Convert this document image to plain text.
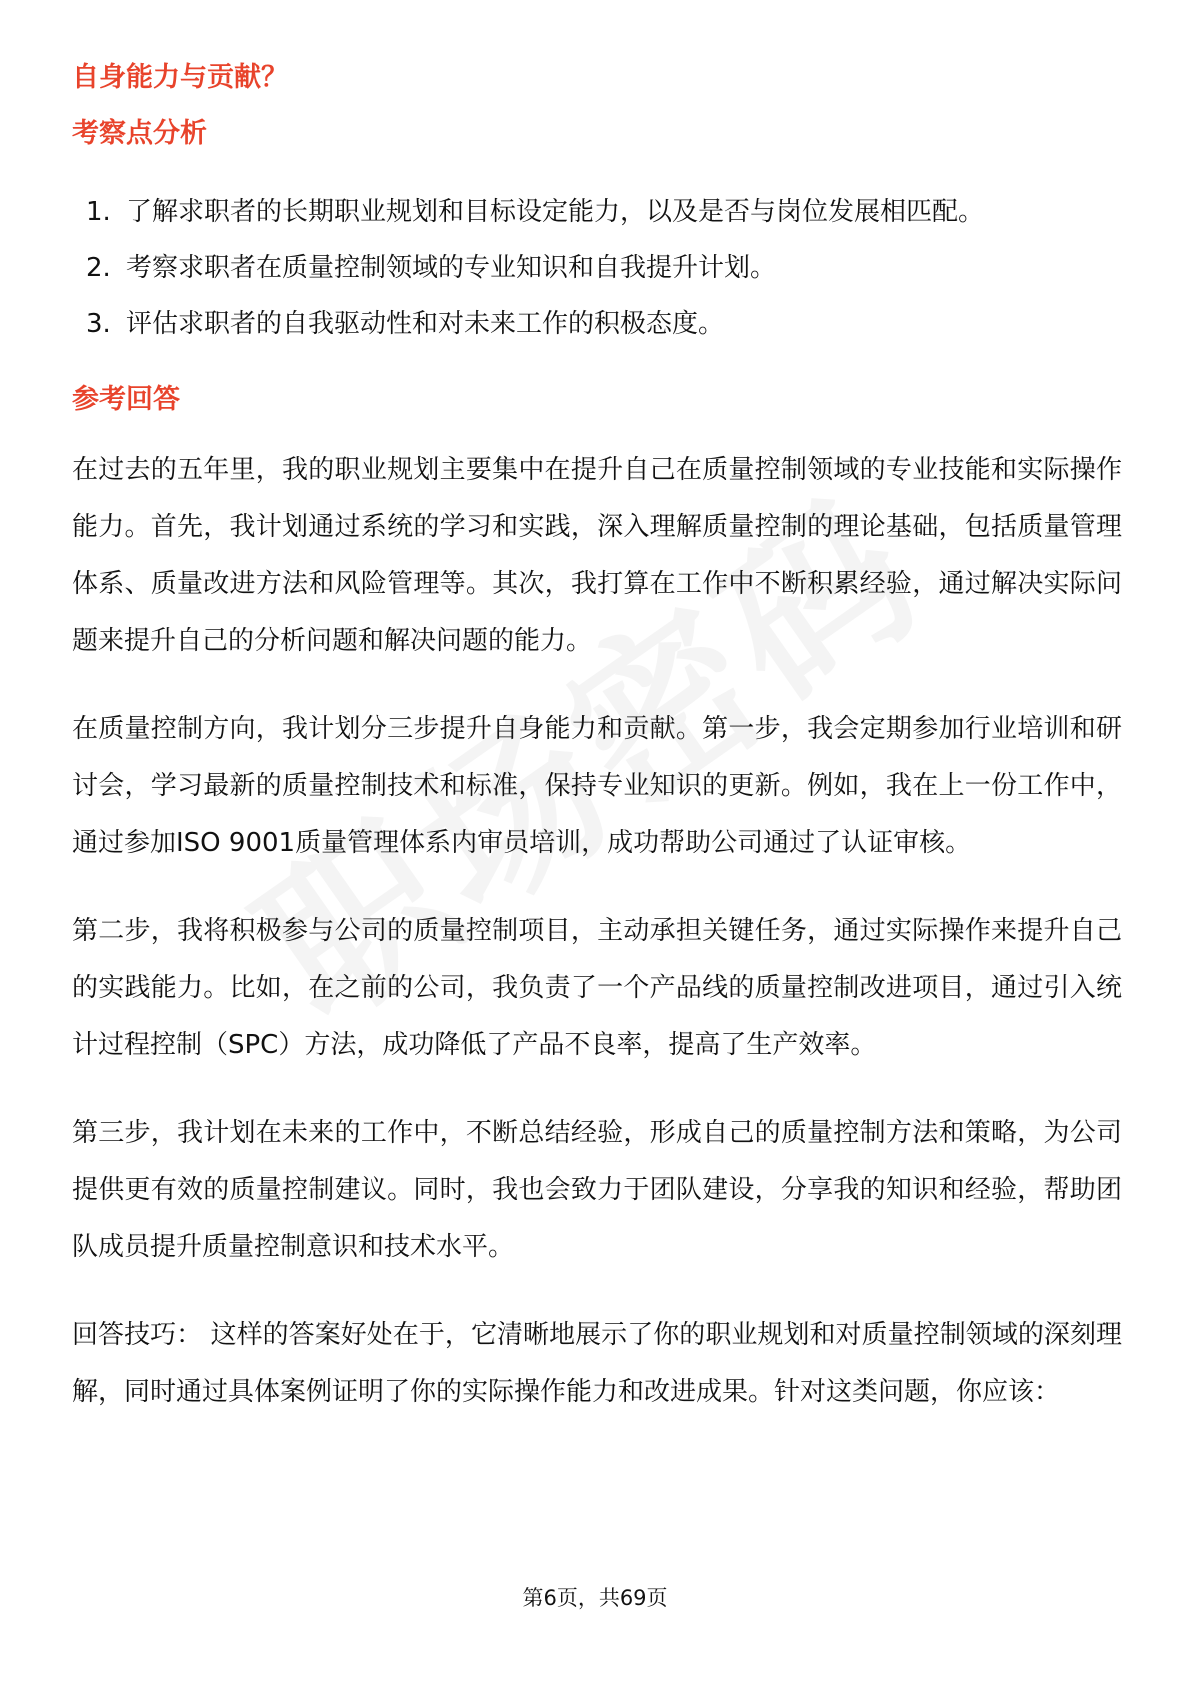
自身能力与贡献？
考察点分析
1. 了解求职者的长期职业规划和目标设定能力，以及是否与岗位发展相匹配。
2. 考察求职者在质量控制领域的专业知识和自我提升计划。
3. 评估求职者的自我驱动性和对未来工作的积极态度。
参考回答

在过去的五年里，我的职业规划主要集中在提升自己在质量控制领域的专业技能和实际操作能力。首先，我计划通过系统的学习和实践，深入理解质量控制的理论基础，包括质量管理体系、质量改进方法和风险管理等。其次，我打算在工作中不断积累经验，通过解决实际问题来提升自己的分析问题和解决问题的能力。

在质量控制方向，我计划分三步提升自身能力和贡献。第一步，我会定期参加行业培训和研讨会，学习最新的质量控制技术和标准，保持专业知识的更新。例如，我在上一份工作中，通过参加ISO 9001质量管理体系内审员培训，成功帮助公司通过了认证审核。

第二步，我将积极参与公司的质量控制项目，主动承担关键任务，通过实际操作来提升自己的实践能力。比如，在之前的公司，我负责了一个产品线的质量控制改进项目，通过引入统计过程控制（SPC）方法，成功降低了产品不良率，提高了生产效率。

第三步，我计划在未来的工作中，不断总结经验，形成自己的质量控制方法和策略，为公司提供更有效的质量控制建议。同时，我也会致力于团队建设，分享我的知识和经验，帮助团队成员提升质量控制意识和技术水平。

回答技巧： 这样的答案好处在于，它清晰地展示了你的职业规划和对质量控制领域的深刻理解，同时通过具体案例证明了你的实际操作能力和改进成果。针对这类问题，你应该：

第6页，共69页
